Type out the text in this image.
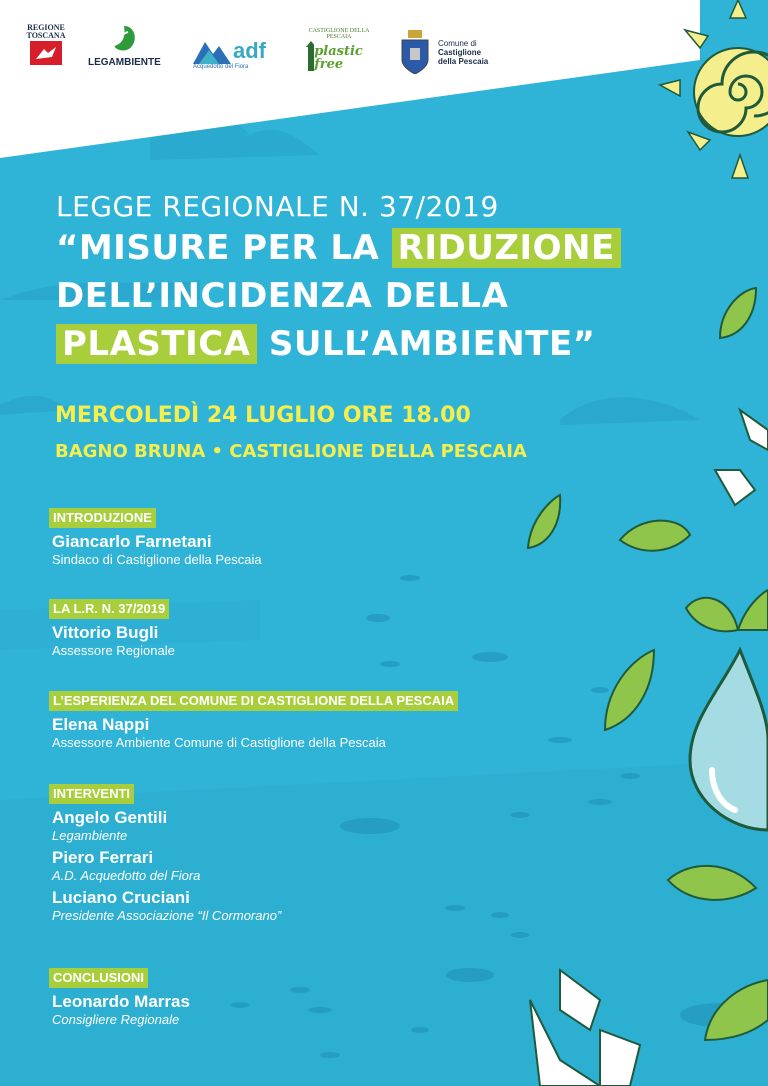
REGIONE TOSCANA
LEGAMBIENTE	adf
Acquedotto del Fiora
CASTIGLIONE DELLA PESCAIA
plastic free
Comune di
Castiglione
della Pescaia
LEGGE REGIONALE N. 37/2019
“MISURE PER LA RIDUZIONE
DELL’INCIDENZA DELLA
PLASTICA SULL’AMBIENTE”
MERCOLEDÌ 24 LUGLIO ORE 18.00
BAGNO BRUNA • CASTIGLIONE DELLA PESCAIA
INTRODUZIONE
Giancarlo Farnetani
Sindaco di Castiglione della Pescaia
LA L.R. N. 37/2019
Vittorio Bugli
Assessore Regionale
L’ESPERIENZA DEL COMUNE DI CASTIGLIONE DELLA PESCAIA
Elena Nappi
Assessore Ambiente Comune di Castiglione della Pescaia
INTERVENTI
Angelo Gentili
Legambiente
Piero Ferrari
A.D. Acquedotto del Fiora
Luciano Cruciani
Presidente Associazione “Il Cormorano”
CONCLUSIONI
Leonardo Marras
Consigliere Regionale
